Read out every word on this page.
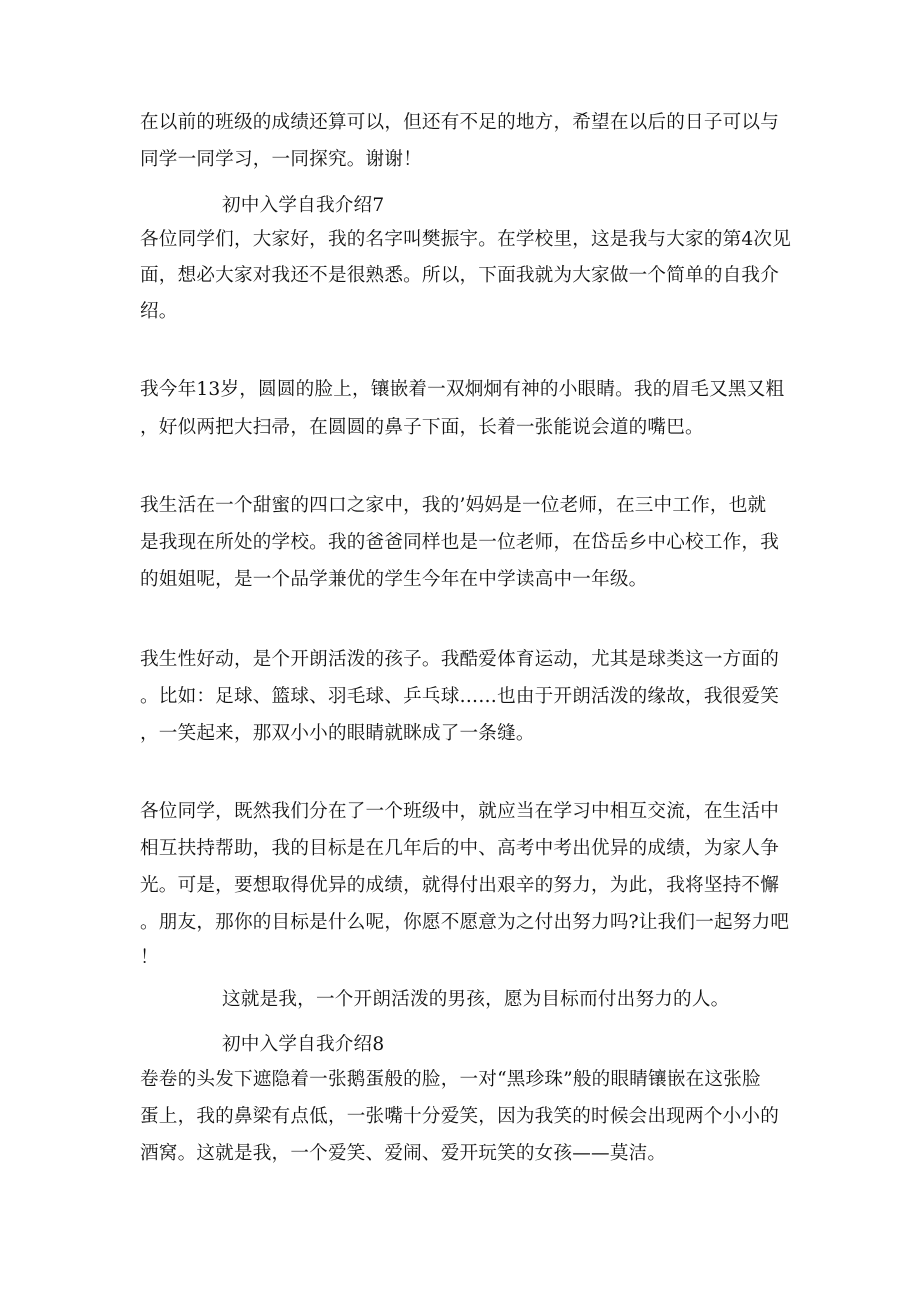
在以前的班级的成绩还算可以，但还有不足的地方，希望在以后的日子可以与
同学一同学习，一同探究。谢谢！
初中入学自我介绍7
各位同学们，大家好，我的名字叫樊振宇。在学校里，这是我与大家的第4次见
面，想必大家对我还不是很熟悉。所以，下面我就为大家做一个简单的自我介
绍。
我今年13岁，圆圆的脸上，镶嵌着一双炯炯有神的小眼睛。我的眉毛又黑又粗
，好似两把大扫帚，在圆圆的鼻子下面，长着一张能说会道的嘴巴。
我生活在一个甜蜜的四口之家中，我的’妈妈是一位老师，在三中工作，也就
是我现在所处的学校。我的爸爸同样也是一位老师，在岱岳乡中心校工作，我
的姐姐呢，是一个品学兼优的学生今年在中学读高中一年级。
我生性好动，是个开朗活泼的孩子。我酷爱体育运动，尤其是球类这一方面的
。比如：足球、篮球、羽毛球、乒乓球……也由于开朗活泼的缘故，我很爱笑
，一笑起来，那双小小的眼睛就眯成了一条缝。
各位同学，既然我们分在了一个班级中，就应当在学习中相互交流，在生活中
相互扶持帮助，我的目标是在几年后的中、高考中考出优异的成绩，为家人争
光。可是，要想取得优异的成绩，就得付出艰辛的努力，为此，我将坚持不懈
。朋友，那你的目标是什么呢，你愿不愿意为之付出努力吗?让我们一起努力吧
！
这就是我，一个开朗活泼的男孩，愿为目标而付出努力的人。
初中入学自我介绍8
卷卷的头发下遮隐着一张鹅蛋般的脸，一对“黑珍珠”般的眼睛镶嵌在这张脸
蛋上，我的鼻梁有点低，一张嘴十分爱笑，因为我笑的时候会出现两个小小的
酒窝。这就是我，一个爱笑、爱闹、爱开玩笑的女孩——莫洁。
